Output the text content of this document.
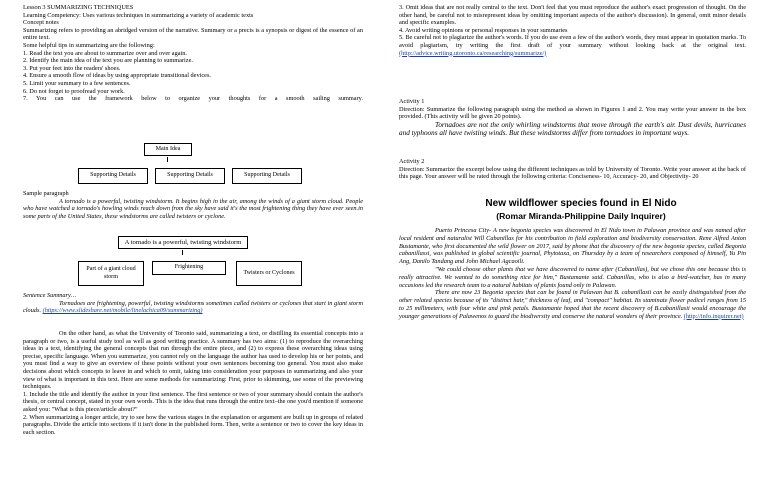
Lesson 3 SUMMARIZING TECHNIQUES
Learning Competency: Uses various techniques in summarizing a variety of academic texts
Concept notes
Summarizing refers to providing an abridged version of the narrative. Summary or a precis is a synopsis or digest of the essence of an entire text.
Some helpful tips in summarizing are the following:
1. Read the text you are about to summarize over and over again.
2. Identify the main idea of the text you are planning to summarize.
3. Put your feet into the readers' shoes.
4. Ensure a smooth flow of ideas by using appropriate transitional devices.
5. Limit your summary to a few sentences.
6. Do not forget to proofread your work.
7. You can use the framework below to organize your thoughts for a smooth sailing summary.
Main Idea
Supporting Details	Supporting Details	Supporting Details
Sample paragraph
A tornado is a powerful, twisting windstorm. It begins high in the air, among the winds of a giant storm cloud. People who have watched a tornado's howling winds reach down from the sky have said it's the most frightening thing they have ever seen.in some parts of the United States, these windstorms are called twisters or cyclone.
A tornado is a powerful, twisting windstorm
Part of a giant cloud storm
Frightening
Twisters or Cyclones
Sentence Summary…
Tornadoes are frightening, powerful, twisting windstorms sometimes called twisters or cyclones that start in giant storm clouds. (https://www.slideshare.net/mobile/linelachica09/summarizing)
On the other hand, as what the University of Toronto said, summarizing a text, or distilling its essential concepts into a paragraph or two, is a useful study tool as well as good writing practice. A summary has two aims: (1) to reproduce the overarching ideas in a text, identifying the general concepts that run through the entire piece, and (2) to express these overarching ideas using precise, specific language. When you summarize, you cannot rely on the language the author has used to develop his or her points, and you must find a way to give an overview of these points without your own sentences becoming too general. You must also make decisions about which concepts to leave in and which to omit, taking into consideration your purposes in summarizing and also your view of what is important in this text. Here are some methods for summarizing: First, prior to skimming, use some of the previewing techniques.
1. Include the title and identify the author in your first sentence. The first sentence or two of your summary should contain the author's thesis, or central concept, stated in your own words. This is the idea that runs through the entire text–the one you'd mention if someone asked you: "What is this piece/article about?"
2. When summarizing a longer article, try to see how the various stages in the explanation or argument are built up in groups of related paragraphs. Divide the article into sections if it isn't done in the published form. Then, write a sentence or two to cover the key ideas in each section.
3. Omit ideas that are not really central to the text. Don't feel that you must reproduce the author's exact progression of thought. On the other hand, be careful not to misrepresent ideas by omitting important aspects of the author's discussion). In general, omit minor details and specific examples.
4. Avoid writing opinions or personal responses in your summaries
5. Be careful not to plagiarize the author's words. If you do use even a few of the author's words, they must appear in quotation marks. To avoid plagiarism, try writing the first draft of your summary without looking back at the original text. (http://advice.writing.utoronto.ca/researching/summarize/)
Activity 1
Direction: Summarize the following paragraph using the method as shown in Figures 1 and 2. You may write your answer in the box provided. (This activity will be given 20 points).
Tornadoes are not the only whirling windstorms that move through the earth's air. Dust devils, hurricanes and typhoons all have twisting winds. But these windstorms differ from tornadoes in important ways.
Activity 2
Direction: Summarize the excerpt below using the different techniques as told by University of Toronto. Write your answer at the back of this page. Your answer will be rated through the following criteria: Conciseness- 10, Accuracy- 20, and Objectivity- 20
New wildflower species found in El Nido
(Romar Miranda-Philippine Daily Inquirer)
Puerto Princesa City- A new begonia species was discovered in El Nido town in Palawan province and was named after local resident and naturalist Will Cabanillas for his contribution in field exploration and biodiversity conservation. Rene Alfred Anton Bustamante, who first documented the wild flower on 2017, said by phone that the discovery of the new begonia species, called Begonia cabanillassi, was published in global scientific journal, Phytotaxa, on Thursday by a team of researchers composed of himself, Yu Pin Ang, Danilo Tandang and John Michael Agcaoili.
"We could choose other plants that we have discovered to name after (Cabanillas), but we chose this one because this is really attractive. We wanted to do something nice for him," Bustamante said. Cabanillas, who is also a bird-watcher, has in many occasions led the research team to a natural habitats of plants found only in Palawan.
There are now 23 Begonia species that can be found in Palawan but B. cabanillasii can be easily distinguished from the other related species because of its "distinct hair," thickness of leaf, and "compact" habitat. Its staminate flower pedicel ranges from 15 to 25 millimeters, with four white and pink petals. Bustamante hoped that the recent discovery of B.cabanillasii would encourage the younger generations of Palawenos to guard the biodiversity and conserve the natural wonders of their province. (http://info.inquirer.net)
